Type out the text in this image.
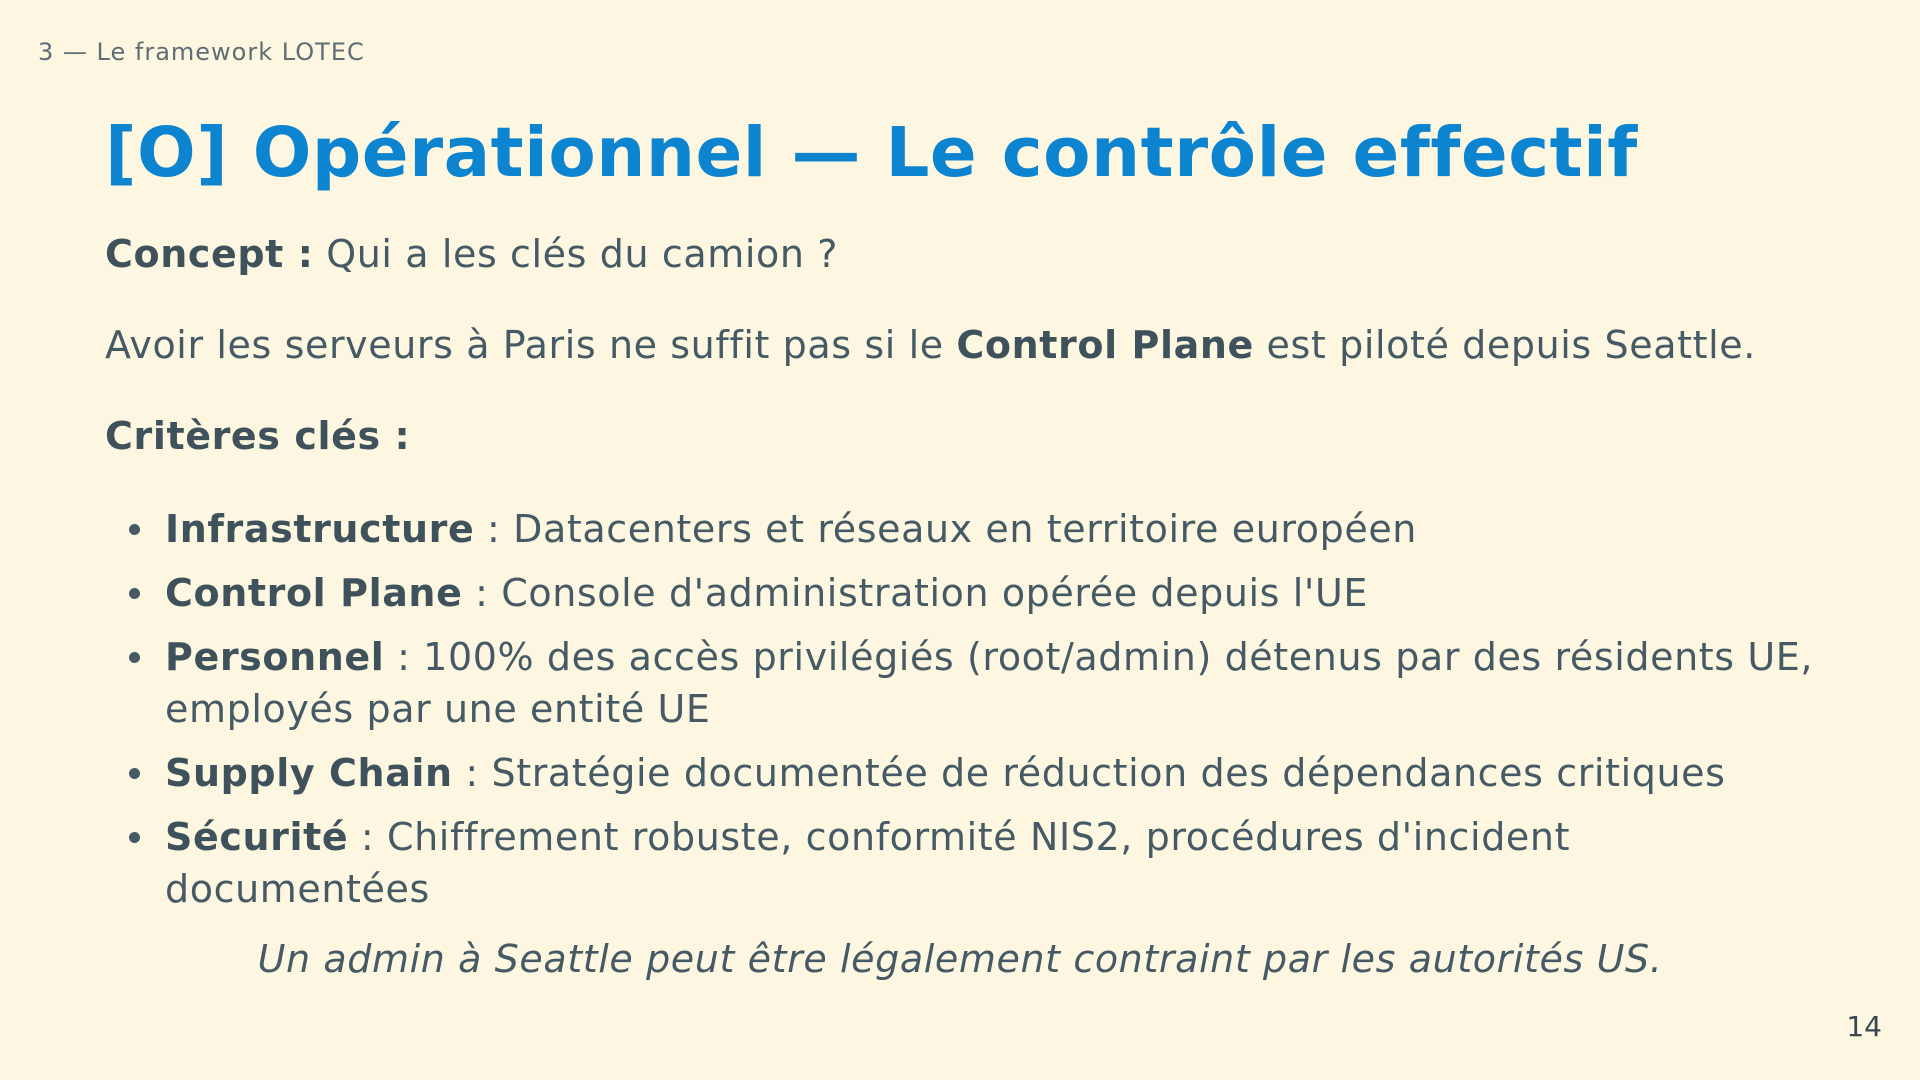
3 — Le framework LOTEC
[O] Opérationnel — Le contrôle effectif

Concept : Qui a les clés du camion ?

Avoir les serveurs à Paris ne suffit pas si le Control Plane est piloté depuis Seattle.

Critères clés :

Infrastructure : Datacenters et réseaux en territoire européen
Control Plane : Console d'administration opérée depuis l'UE
Personnel : 100% des accès privilégiés (root/admin) détenus par des résidents UE, employés par une entité UE
Supply Chain : Stratégie documentée de réduction des dépendances critiques
Sécurité : Chiffrement robuste, conformité NIS2, procédures d'incident documentées
Un admin à Seattle peut être légalement contraint par les autorités US.
14
